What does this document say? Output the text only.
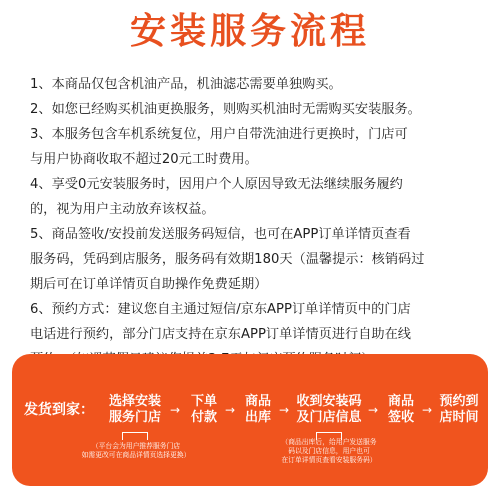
安装服务流程

1、本商品仅包含机油产品，机油滤芯需要单独购买。

2、如您已经购买机油更换服务，则购买机油时无需购买安装服务。

3、本服务包含车机系统复位，用户自带洗油进行更换时，门店可

与用户协商收取不超过20元工时费用。

4、享受0元安装服务时，因用户个人原因导致无法继续服务履约

的，视为用户主动放弃该权益。

5、商品签收/安投前发送服务码短信，也可在APP订单详情页查看

服务码，凭码到店服务，服务码有效期180天（温馨提示：核销码过

期后可在订单详情页自助操作免费延期）

6、预约方式：建议您自主通过短信/京东APP订单详情页中的门店

电话进行预约，部分门店支持在京东APP订单详情页进行自助在线

发货到家：
选择安装
服务门店 →
下单
付款 →
商品
出库 →
收到安装码
及门店信息 →
商品
签收 →
预约到
店时间
（平台会为用户推荐服务门店
如需更改可在商品详情页选择更换）
（商品出库后，给用户发送服务
码以及门店信息，用户也可
在订单详情页查看安装服务码）
